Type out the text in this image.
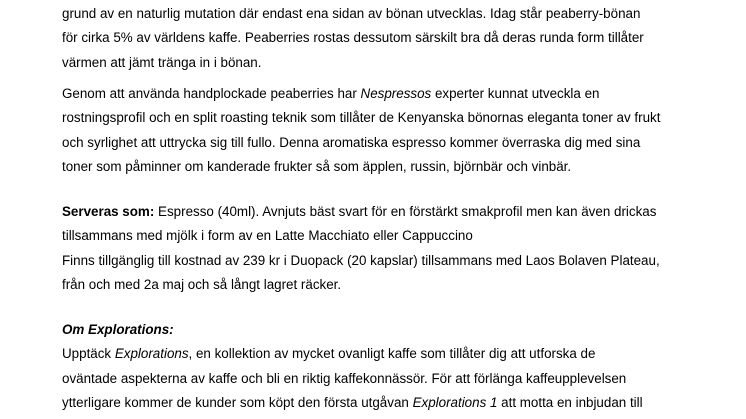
grund av en naturlig mutation där endast ena sidan av bönan utvecklas. Idag står peaberry-bönan
för cirka 5% av världens kaffe. Peaberries rostas dessutom särskilt bra då deras runda form tillåter
värmen att jämt tränga in i bönan.
Genom att använda handplockade peaberries har Nespressos experter kunnat utveckla en
rostningsprofil och en split roasting teknik som tillåter de Kenyanska bönornas eleganta toner av frukt
och syrlighet att uttrycka sig till fullo. Denna aromatiska espresso kommer överraska dig med sina
toner som påminner om kanderade frukter så som äpplen, russin, björnbär och vinbär.
Serveras som: Espresso (40ml). Avnjuts bäst svart för en förstärkt smakprofil men kan även drickas
tillsammans med mjölk i form av en Latte Macchiato eller Cappuccino
Finns tillgänglig till kostnad av 239 kr i Duopack (20 kapslar) tillsammans med Laos Bolaven Plateau,
från och med 2a maj och så långt lagret räcker.
Om Explorations:
Upptäck Explorations, en kollektion av mycket ovanligt kaffe som tillåter dig att utforska de
oväntade aspekterna av kaffe och bli en riktig kaffekonnässör. För att förlänga kaffeupplevelsen
ytterligare kommer de kunder som köpt den första utgåvan Explorations 1 att motta en inbjudan till
